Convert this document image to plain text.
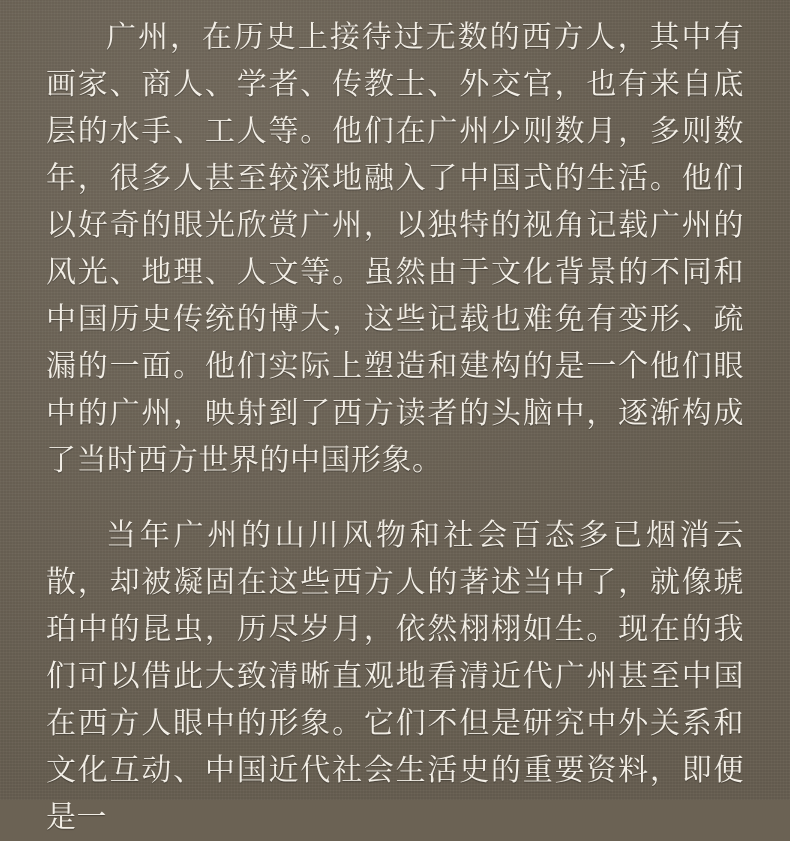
广州，在历史上接待过无数的西方人，其中有画家、商人、学者、传教士、外交官，也有来自底层的水手、工人等。他们在广州少则数月，多则数年，很多人甚至较深地融入了中国式的生活。他们以好奇的眼光欣赏广州，以独特的视角记载广州的风光、地理、人文等。虽然由于文化背景的不同和中国历史传统的博大，这些记载也难免有变形、疏漏的一面。他们实际上塑造和建构的是一个他们眼中的广州，映射到了西方读者的头脑中，逐渐构成了当时西方世界的中国形象。

当年广州的山川风物和社会百态多已烟消云散，却被凝固在这些西方人的著述当中了，就像琥珀中的昆虫，历尽岁月，依然栩栩如生。现在的我们可以借此大致清晰直观地看清近代广州甚至中国在西方人眼中的形象。它们不但是研究中外关系和文化互动、中国近代社会生活史的重要资料，即便是一
